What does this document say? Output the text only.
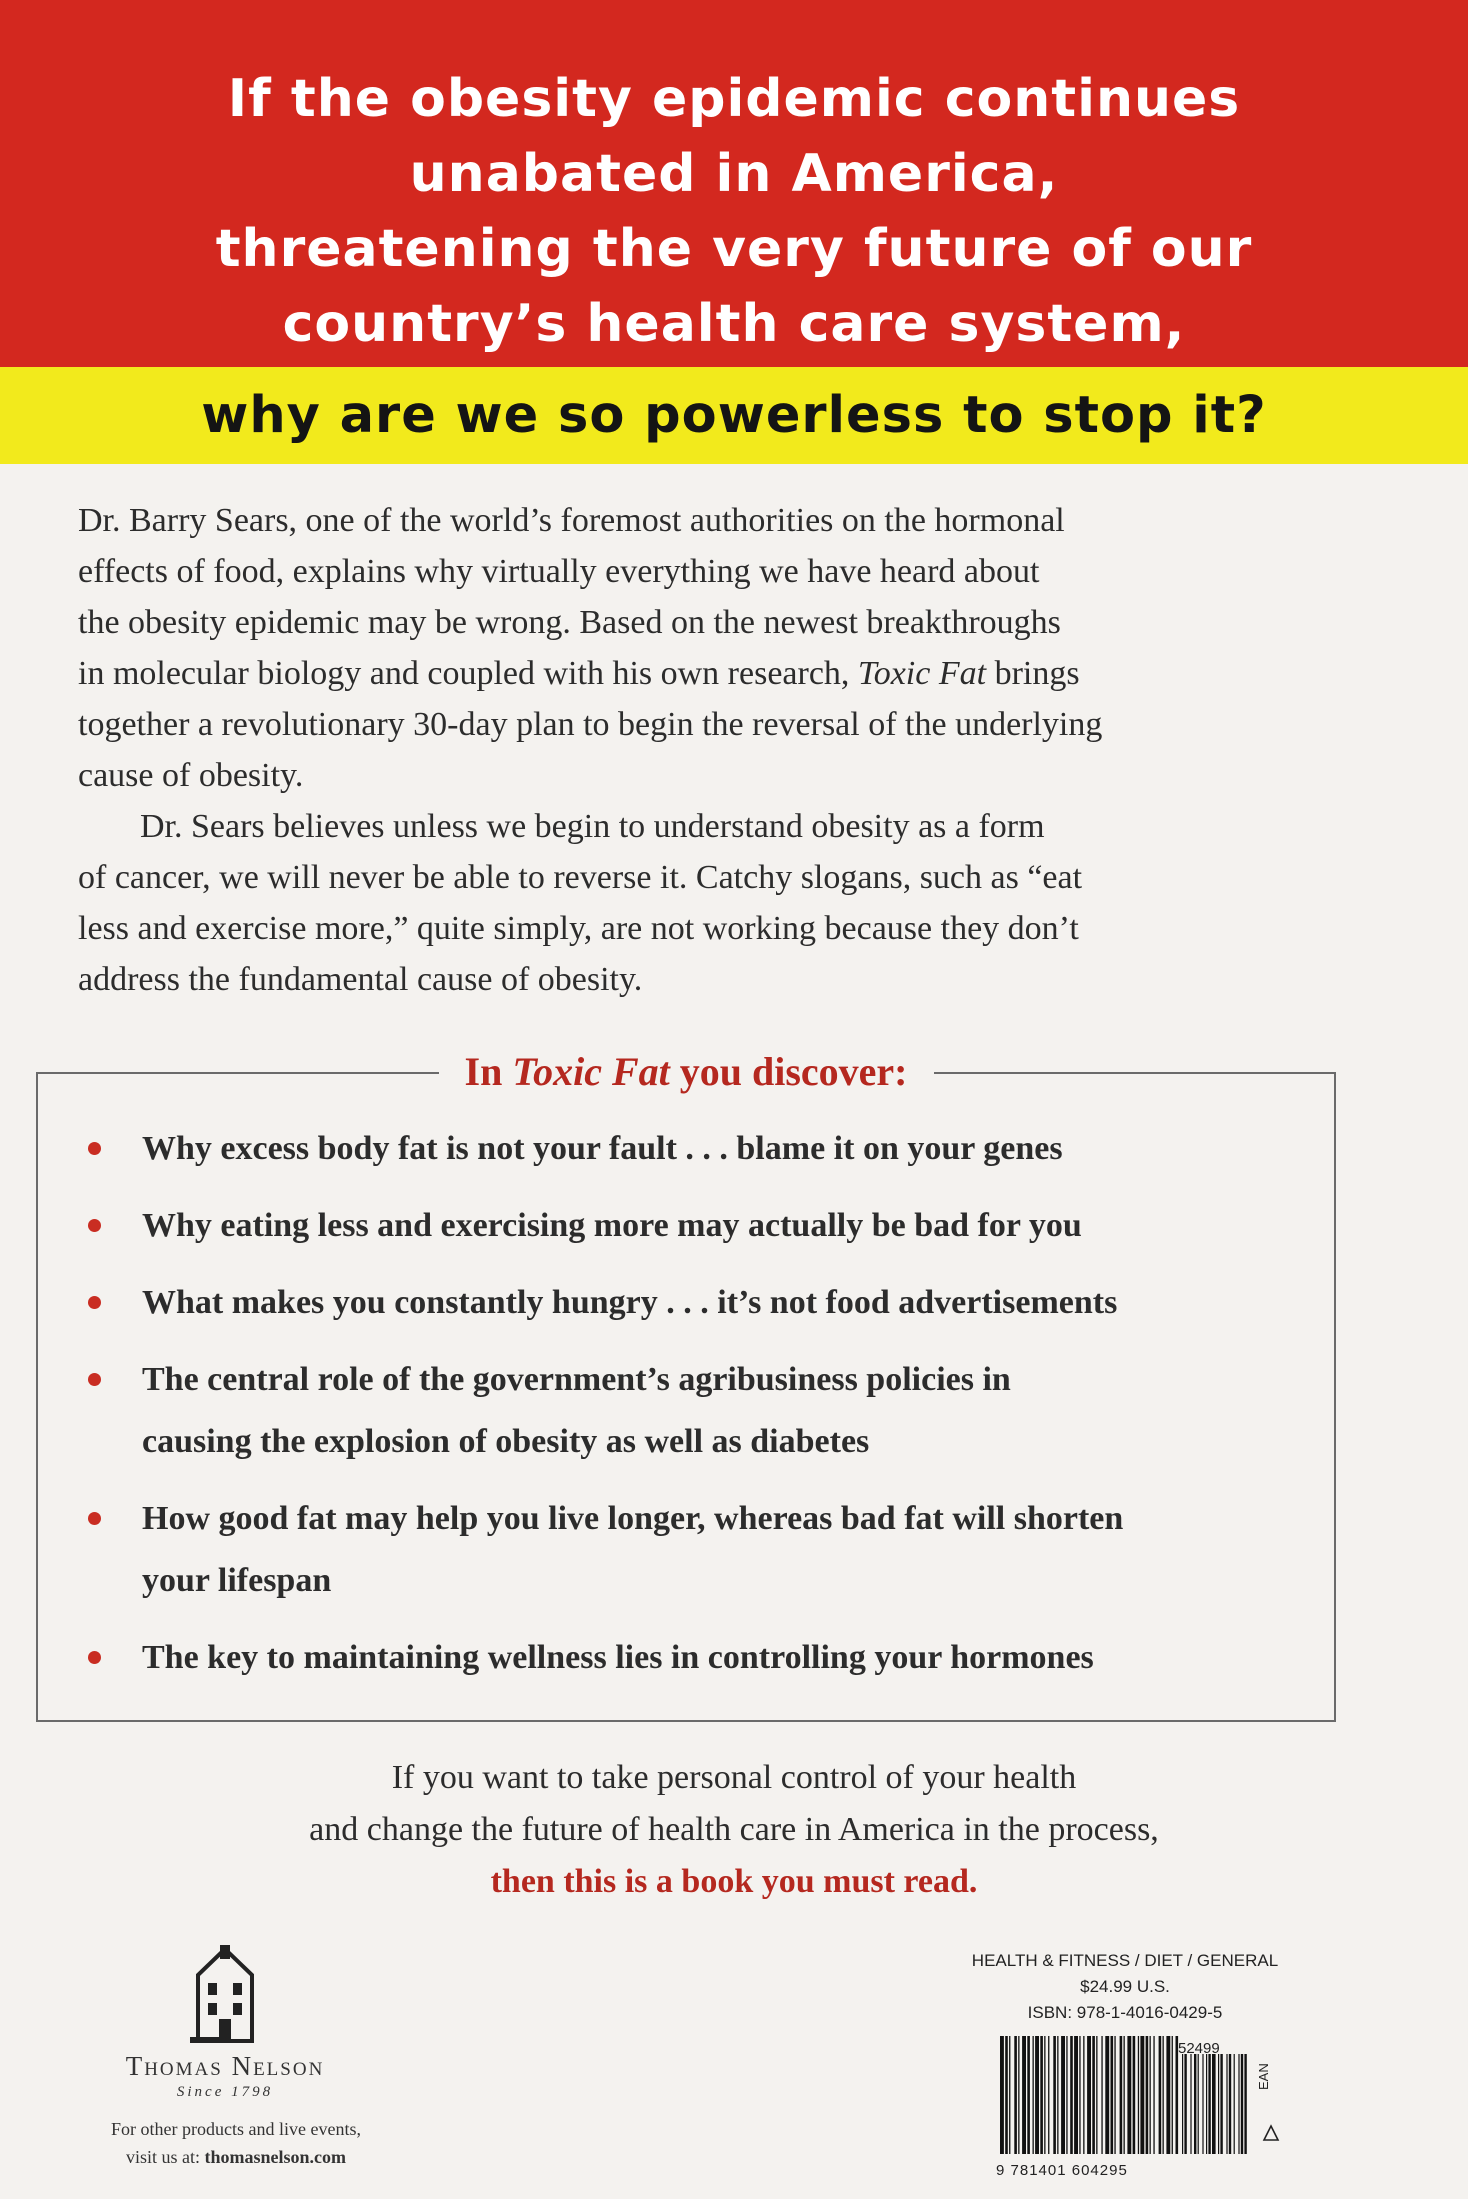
If the obesity epidemic continues
unabated in America,
threatening the very future of our
country’s health care system,
why are we so powerless to stop it?

Dr. Barry Sears, one of the world’s foremost authorities on the hormonal
effects of food, explains why virtually everything we have heard about
the obesity epidemic may be wrong. Based on the newest breakthroughs
in molecular biology and coupled with his own research, Toxic Fat brings
together a revolutionary 30-day plan to begin the reversal of the underlying
cause of obesity.

Dr. Sears believes unless we begin to understand obesity as a form
of cancer, we will never be able to reverse it. Catchy slogans, such as “eat
less and exercise more,” quite simply, are not working because they don’t
address the fundamental cause of obesity.

In Toxic Fat you discover:
Why excess body fat is not your fault . . . blame it on your genes
Why eating less and exercising more may actually be bad for you
What makes you constantly hungry . . . it’s not food advertisements
The central role of the government’s agribusiness policies in
causing the explosion of obesity as well as diabetes
How good fat may help you live longer, whereas bad fat will shorten
your lifespan
The key to maintaining wellness lies in controlling your hormones
If you want to take personal control of your health
and change the future of health care in America in the process,
then this is a book you must read.
Thomas Nelson
Since 1798
For other products and live events,
visit us at: thomasnelson.com
HEALTH & FITNESS / DIET / GENERAL
$24.99 U.S.
ISBN: 978-1-4016-0429-5
52499
9 781401 604295
EAN
